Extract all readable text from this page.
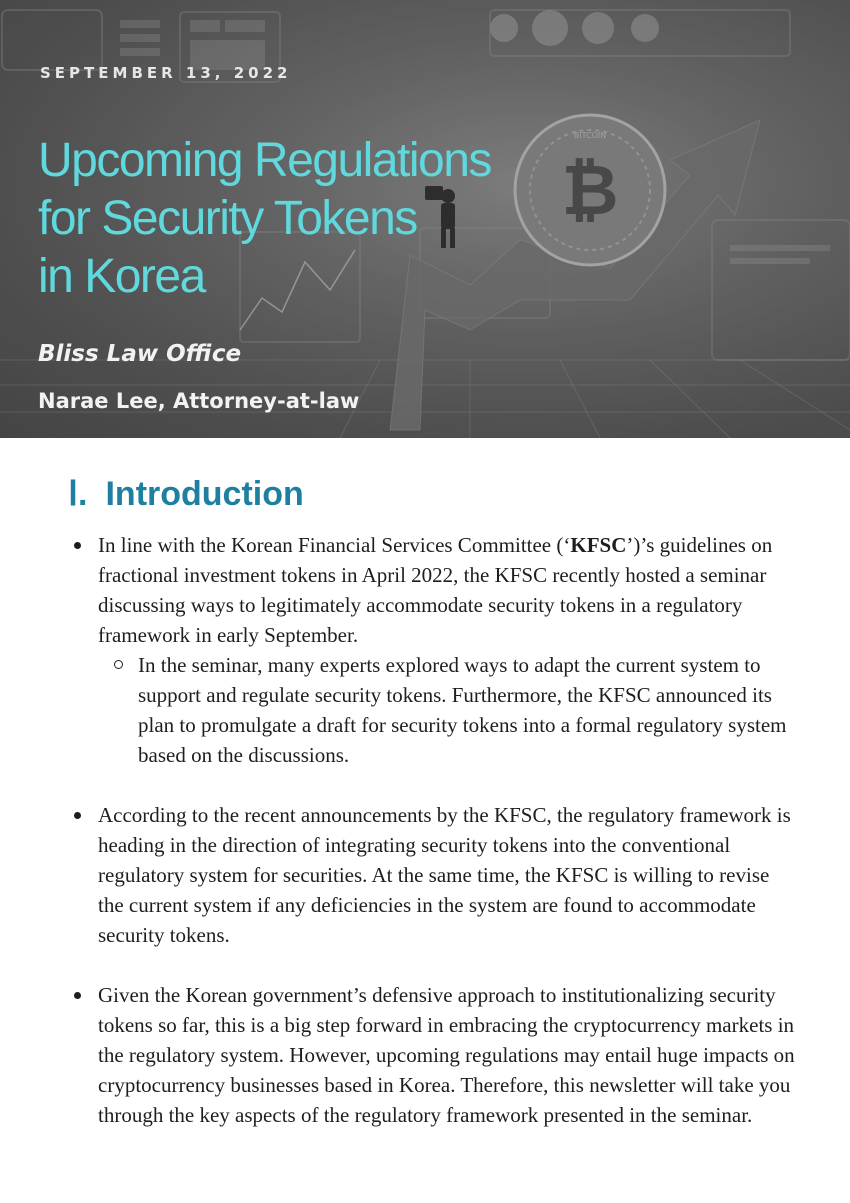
₿
BITCOIN
SEPTEMBER 13, 2022
Upcoming Regulations
for Security Tokens
in Korea
Bliss Law Office
Narae Lee, Attorney-at-law
Ⅰ. Introduction
In line with the Korean Financial Services Committee (‘KFSC’)’s guidelines on fractional investment tokens in April 2022, the KFSC recently hosted a seminar discussing ways to legitimately accommodate security tokens in a regulatory framework in early September.
In the seminar, many experts explored ways to adapt the current system to support and regulate security tokens. Furthermore, the KFSC announced its plan to promulgate a draft for security tokens into a formal regulatory system based on the discussions.
According to the recent announcements by the KFSC, the regulatory framework is heading in the direction of integrating security tokens into the conventional regulatory system for securities. At the same time, the KFSC is willing to revise the current system if any deficiencies in the system are found to accommodate security tokens.
Given the Korean government’s defensive approach to institutionalizing security tokens so far, this is a big step forward in embracing the cryptocurrency markets in the regulatory system. However, upcoming regulations may entail huge impacts on cryptocurrency businesses based in Korea. Therefore, this newsletter will take you through the key aspects of the regulatory framework presented in the seminar.
